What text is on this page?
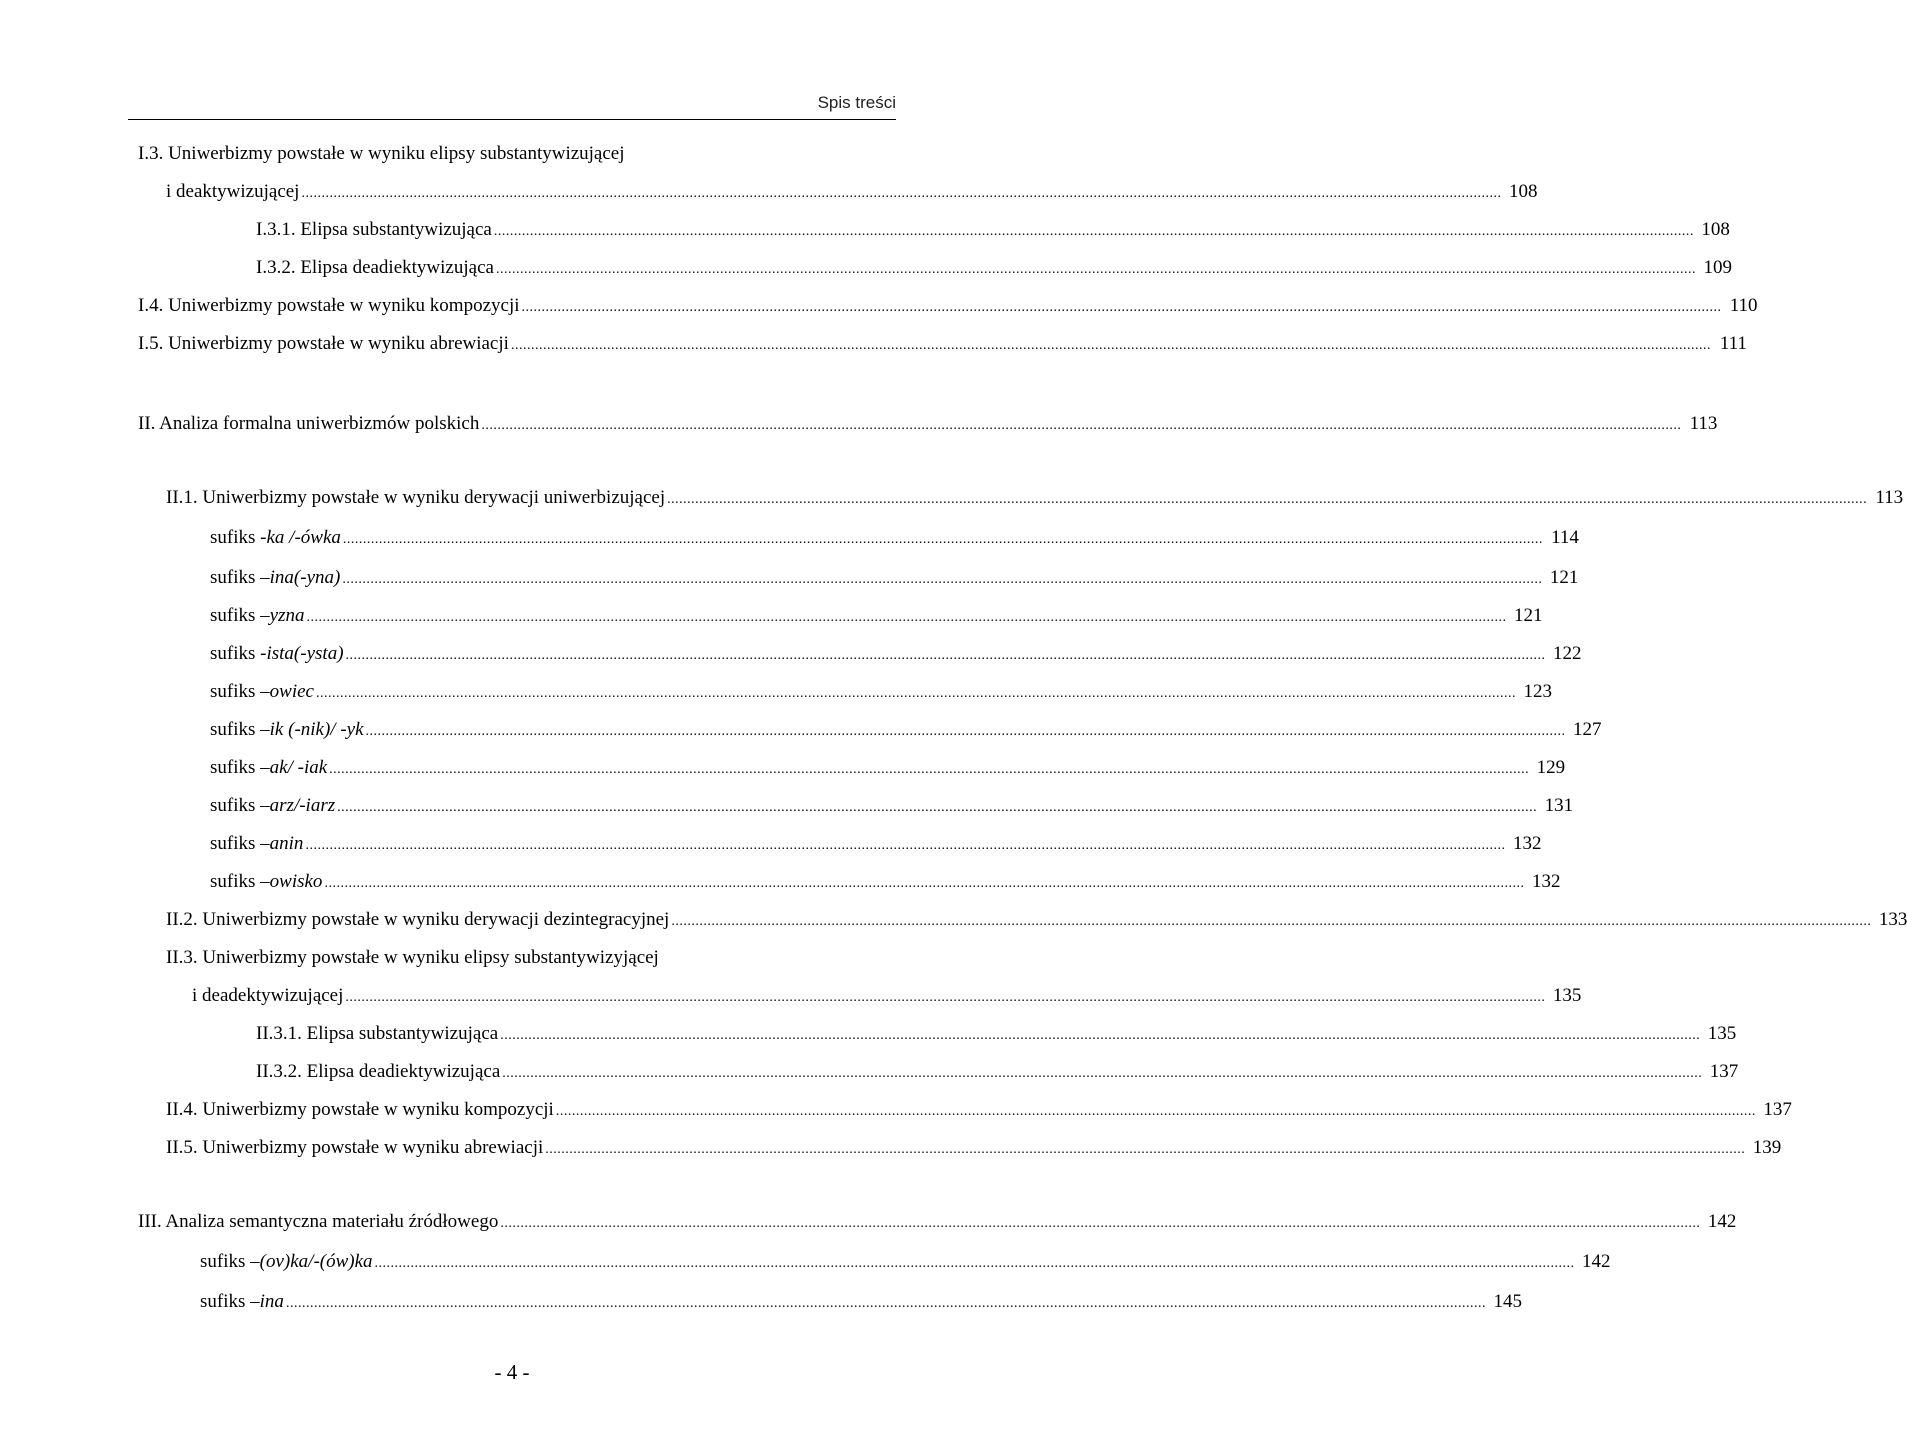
Spis treści
I.3. Uniwerbizmy powstałe w wyniku elipsy substantywizującej
i deaktywizującej ............................................................................................................................................................................................................................................................................................................ 108
I.3.1. Elipsa substantywizująca ............................................................................................................................................................................................................................................................................................................ 108
I.3.2. Elipsa deadiektywizująca ............................................................................................................................................................................................................................................................................................................ 109
I.4. Uniwerbizmy powstałe w wyniku kompozycji ............................................................................................................................................................................................................................................................................................................ 110
I.5. Uniwerbizmy powstałe w wyniku abrewiacji ............................................................................................................................................................................................................................................................................................................ 111
II. Analiza formalna uniwerbizmów polskich ............................................................................................................................................................................................................................................................................................................ 113
II.1. Uniwerbizmy powstałe w wyniku derywacji uniwerbizującej ............................................................................................................................................................................................................................................................................................................ 113
sufiks -ka /-ówka ............................................................................................................................................................................................................................................................................................................ 114
sufiks –ina(-yna) ............................................................................................................................................................................................................................................................................................................ 121
sufiks –yzna ............................................................................................................................................................................................................................................................................................................ 121
sufiks -ista(-ysta) ............................................................................................................................................................................................................................................................................................................ 122
sufiks –owiec ............................................................................................................................................................................................................................................................................................................ 123
sufiks –ik (-nik)/ -yk ............................................................................................................................................................................................................................................................................................................ 127
sufiks –ak/ -iak ............................................................................................................................................................................................................................................................................................................ 129
sufiks –arz/-iarz ............................................................................................................................................................................................................................................................................................................ 131
sufiks –anin ............................................................................................................................................................................................................................................................................................................ 132
sufiks –owisko ............................................................................................................................................................................................................................................................................................................ 132
II.2. Uniwerbizmy powstałe w wyniku derywacji dezintegracyjnej ............................................................................................................................................................................................................................................................................................................ 133
II.3. Uniwerbizmy powstałe w wyniku elipsy substantywizyjącej
i deadektywizującej ............................................................................................................................................................................................................................................................................................................ 135
II.3.1. Elipsa substantywizująca ............................................................................................................................................................................................................................................................................................................ 135
II.3.2. Elipsa deadiektywizująca ............................................................................................................................................................................................................................................................................................................ 137
II.4. Uniwerbizmy powstałe w wyniku kompozycji ............................................................................................................................................................................................................................................................................................................ 137
II.5. Uniwerbizmy powstałe w wyniku abrewiacji ............................................................................................................................................................................................................................................................................................................ 139
III. Analiza semantyczna materiału źródłowego ............................................................................................................................................................................................................................................................................................................ 142
sufiks –(ov)ka/-(ów)ka ............................................................................................................................................................................................................................................................................................................ 142
sufiks –ina ............................................................................................................................................................................................................................................................................................................ 145
- 4 -
